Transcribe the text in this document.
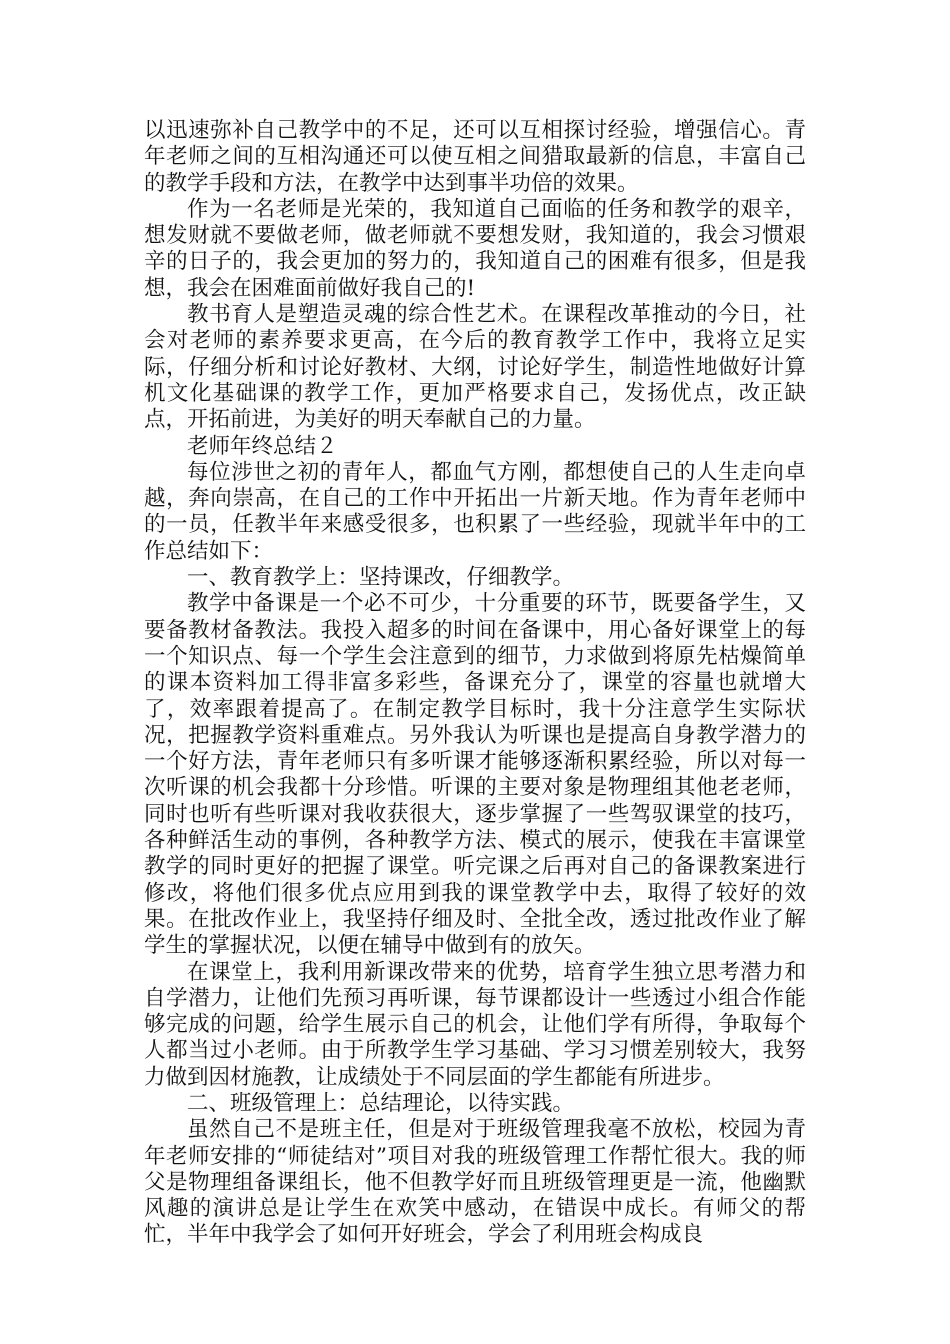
以迅速弥补自己教学中的不足，还可以互相探讨经验，增强信心。青年老师之间的互相沟通还可以使互相之间猎取最新的信息，丰富自己的教学手段和方法，在教学中达到事半功倍的效果。

作为一名老师是光荣的，我知道自己面临的任务和教学的艰辛，想发财就不要做老师，做老师就不要想发财，我知道的，我会习惯艰辛的日子的，我会更加的努力的，我知道自己的困难有很多，但是我想，我会在困难面前做好我自己的!

教书育人是塑造灵魂的综合性艺术。在课程改革推动的今日，社会对老师的素养要求更高，在今后的教育教学工作中，我将立足实际，仔细分析和讨论好教材、大纲，讨论好学生，制造性地做好计算机文化基础课的教学工作，更加严格要求自己，发扬优点，改正缺点，开拓前进，为美好的明天奉献自己的力量。

老师年终总结２

每位涉世之初的青年人，都血气方刚，都想使自己的人生走向卓越，奔向崇高，在自己的工作中开拓出一片新天地。作为青年老师中的一员，任教半年来感受很多，也积累了一些经验，现就半年中的工作总结如下：

一、教育教学上：坚持课改，仔细教学。

教学中备课是一个必不可少，十分重要的环节，既要备学生，又要备教材备教法。我投入超多的时间在备课中，用心备好课堂上的每一个知识点、每一个学生会注意到的细节，力求做到将原先枯燥简单的课本资料加工得非富多彩些，备课充分了，课堂的容量也就增大了，效率跟着提高了。在制定教学目标时，我十分注意学生实际状况，把握教学资料重难点。另外我认为听课也是提高自身教学潜力的一个好方法，青年老师只有多听课才能够逐渐积累经验，所以对每一次听课的机会我都十分珍惜。听课的主要对象是物理组其他老老师，同时也听有些听课对我收获很大，逐步掌握了一些驾驭课堂的技巧，各种鲜活生动的事例，各种教学方法、模式的展示，使我在丰富课堂教学的同时更好的把握了课堂。听完课之后再对自己的备课教案进行修改，将他们很多优点应用到我的课堂教学中去，取得了较好的效果。在批改作业上，我坚持仔细及时、全批全改，透过批改作业了解学生的掌握状况，以便在辅导中做到有的放矢。

在课堂上，我利用新课改带来的优势，培育学生独立思考潜力和自学潜力，让他们先预习再听课，每节课都设计一些透过小组合作能够完成的问题，给学生展示自己的机会，让他们学有所得，争取每个人都当过小老师。由于所教学生学习基础、学习习惯差别较大，我努力做到因材施教，让成绩处于不同层面的学生都能有所进步。

二、班级管理上：总结理论，以待实践。

虽然自己不是班主任，但是对于班级管理我毫不放松，校园为青年老师安排的“师徒结对”项目对我的班级管理工作帮忙很大。我的师父是物理组备课组长，他不但教学好而且班级管理更是一流，他幽默风趣的演讲总是让学生在欢笑中感动，在错误中成长。有师父的帮忙，半年中我学会了如何开好班会，学会了利用班会构成良
